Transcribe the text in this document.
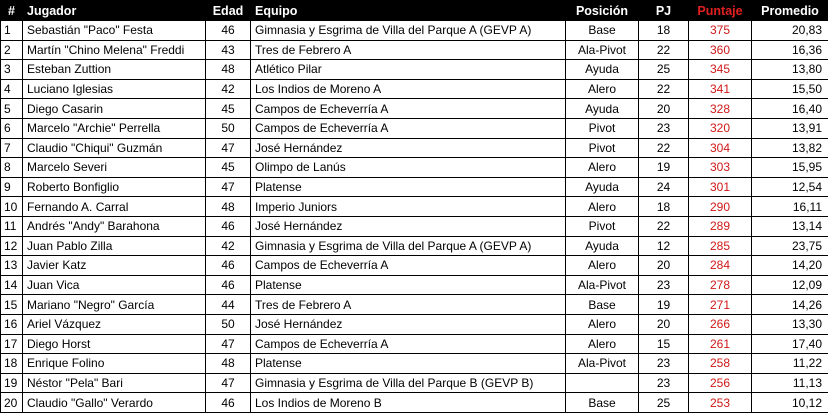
#	Jugador	Edad	Equipo	Posición	PJ	Puntaje	Promedio
1	Sebastián "Paco" Festa	46	Gimnasia y Esgrima de Villa del Parque A (GEVP A)	Base	18	375	20,83
2	Martín "Chino Melena" Freddi	43	Tres de Febrero A	Ala-Pivot	22	360	16,36
3	Esteban Zuttion	48	Atlético Pilar	Ayuda	25	345	13,80
4	Luciano Iglesias	42	Los Indios de Moreno A	Alero	22	341	15,50
5	Diego Casarin	45	Campos de Echeverría A	Ayuda	20	328	16,40
6	Marcelo "Archie" Perrella	50	Campos de Echeverría A	Pivot	23	320	13,91
7	Claudio "Chiqui" Guzmán	47	José Hernández	Pivot	22	304	13,82
8	Marcelo Severi	45	Olimpo de Lanús	Alero	19	303	15,95
9	Roberto Bonfiglio	47	Platense	Ayuda	24	301	12,54
10	Fernando A. Carral	48	Imperio Juniors	Alero	18	290	16,11
11	Andrés "Andy" Barahona	46	José Hernández	Pivot	22	289	13,14
12	Juan Pablo Zilla	42	Gimnasia y Esgrima de Villa del Parque A (GEVP A)	Ayuda	12	285	23,75
13	Javier Katz	46	Campos de Echeverría A	Alero	20	284	14,20
14	Juan Vica	46	Platense	Ala-Pivot	23	278	12,09
15	Mariano "Negro" García	44	Tres de Febrero A	Base	19	271	14,26
16	Ariel Vázquez	50	José Hernández	Alero	20	266	13,30
17	Diego Horst	47	Campos de Echeverría A	Alero	15	261	17,40
18	Enrique Folino	48	Platense	Ala-Pivot	23	258	11,22
19	Néstor "Pela" Bari	47	Gimnasia y Esgrima de Villa del Parque B (GEVP B)		23	256	11,13
20	Claudio "Gallo" Verardo	46	Los Indios de Moreno B	Base	25	253	10,12
